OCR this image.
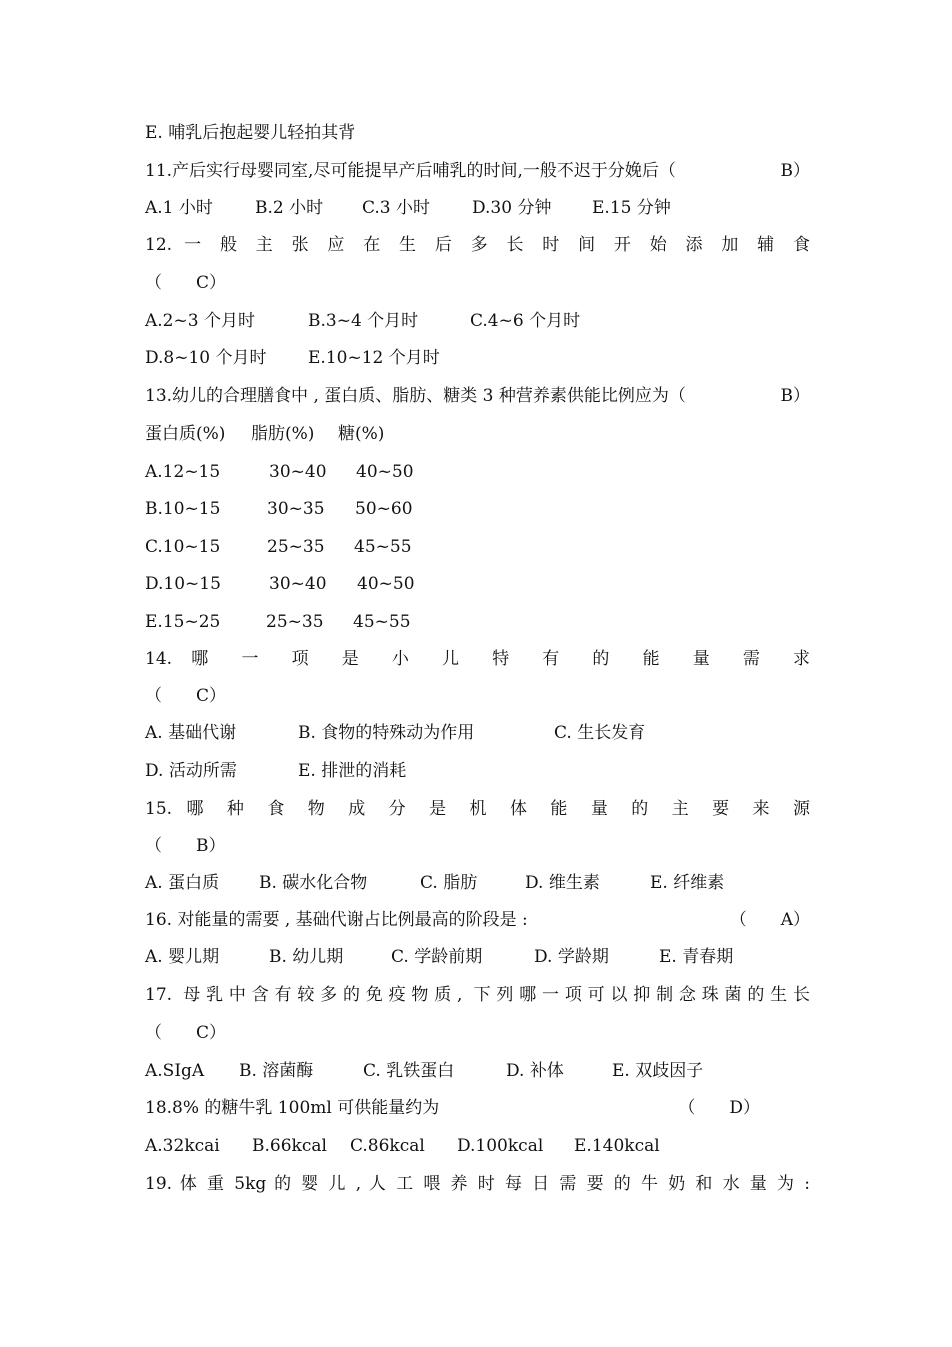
E. 哺乳后抱起婴儿轻拍其背
11.产后实行母婴同室,尽可能提早产后哺乳的时间,一般不迟于分娩后（	B）
A.1 小时 B.2 小时 C.3 小时 D.30 分钟 E.15 分钟
12. 一 般 主 张 应 在 生 后 多 长 时 间 开 始 添 加 辅 食
（　　C）
A.2~3 个月时	B.3~4 个月时	C.4~6 个月时
D.8~10 个月时 E.10~12 个月时
13.幼儿的合理膳食中 , 蛋白质、脂肪、糖类 3 种营养素供能比例应为（	B）
蛋白质(%) 脂肪(%) 糖(%)
A.12~15	30~40 40~50
B.10~15	30~35 50~60
C.10~15	25~35 45~55
D.10~15	30~40 40~50
E.15~25	25~35 45~55
14. 哪 一 项 是 小 儿 特 有 的 能 量 需 求
（　　C）
A. 基础代谢	B. 食物的特殊动为作用	C. 生长发育
D. 活动所需	E. 排泄的消耗
15. 哪 种 食 物 成 分 是 机 体 能 量 的 主 要 来 源
（　　B）
A. 蛋白质 B. 碳水化合物	C. 脂肪	D. 维生素	E. 纤维素
16. 对能量的需要 , 基础代谢占比例最高的阶段是 :	（　　A）
A. 婴儿期	B. 幼儿期	C. 学龄前期	D. 学龄期	E. 青春期
17. 母乳中含有较多的免疫物质, 下列哪一项可以抑制念珠菌的生长
（　　C）
A.SIgA B. 溶菌酶	C. 乳铁蛋白	D. 补体	E. 双歧因子
18.8% 的糖牛乳 100ml 可供能量约为	（　　D）
A.32kcai B.66kcal C.86kcal D.100kcal E.140kcal
19. 体 重 5kg 的 婴 儿 , 人 工 喂 养 时 每 日 需 要 的 牛 奶 和 水 量 为 :
